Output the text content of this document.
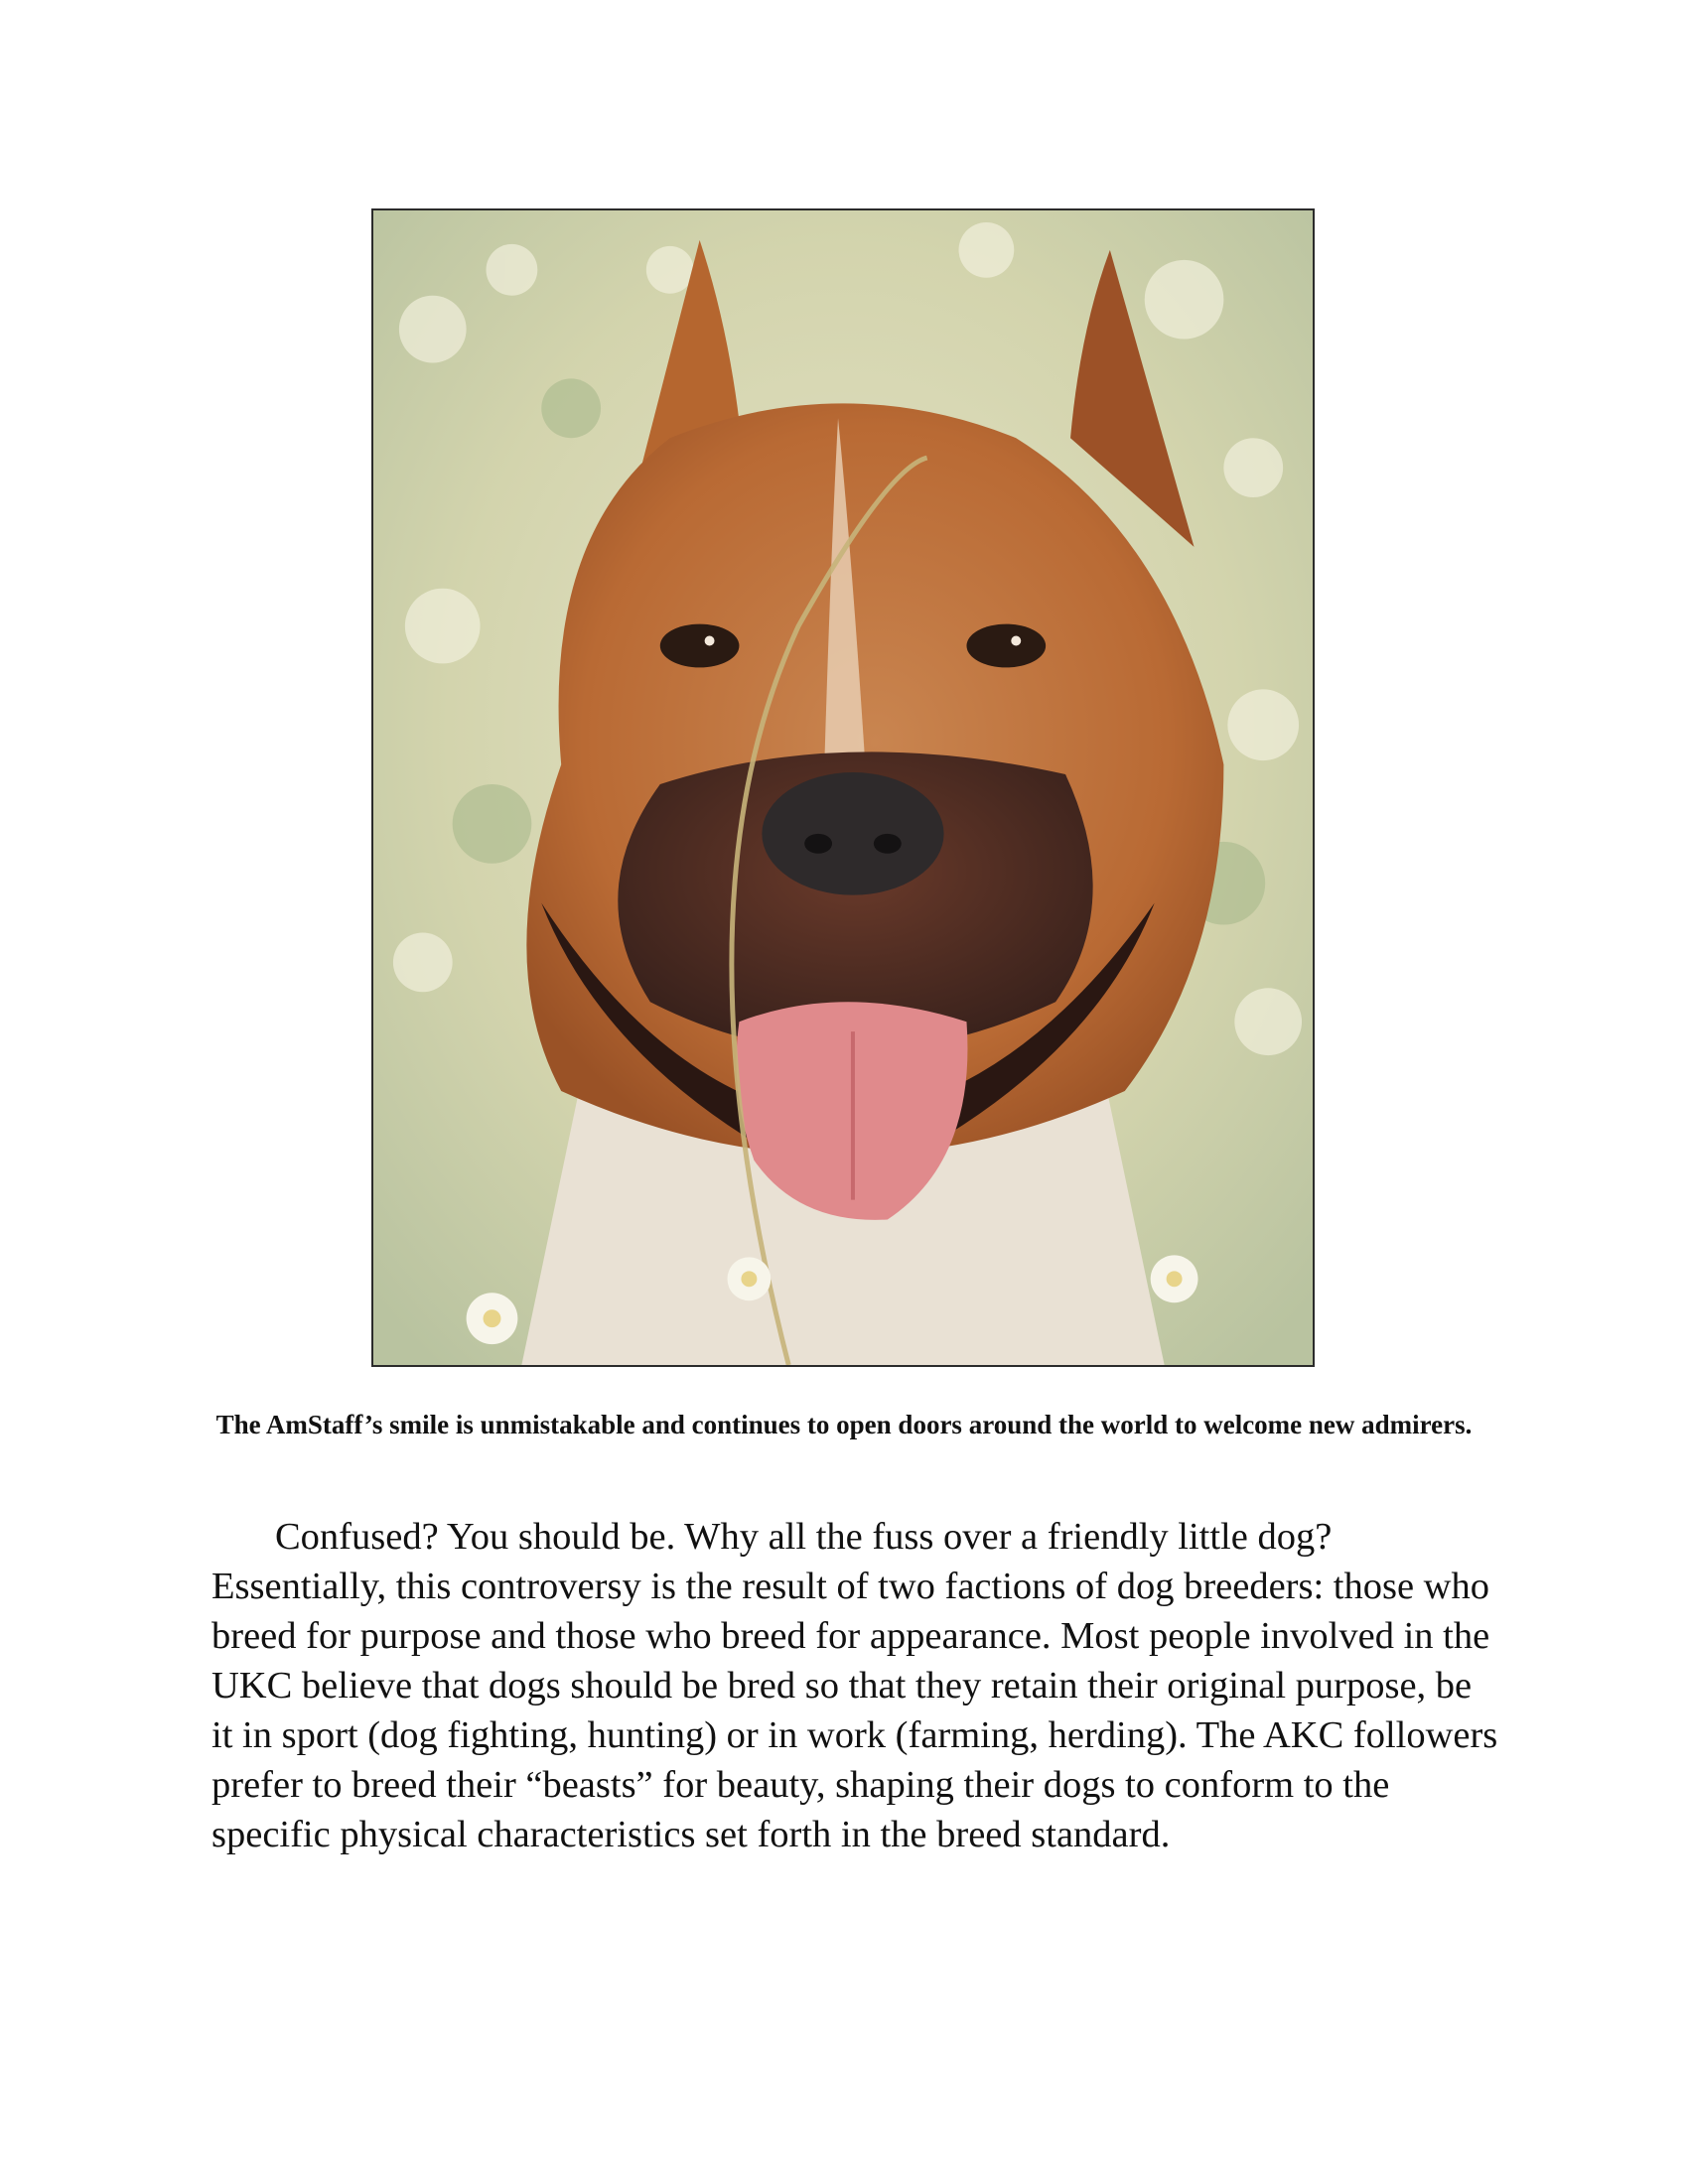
The AmStaff’s smile is unmistakable and continues to open doors around the world to welcome new admirers.

Confused? You should be. Why all the fuss over a friendly little dog? Essentially, this controversy is the result of two factions of dog breeders: those who breed for purpose and those who breed for appearance. Most people involved in the UKC believe that dogs should be bred so that they retain their original purpose, be it in sport (dog fighting, hunting) or in work (farming, herding). The AKC followers prefer to breed their “beasts” for beauty, shaping their dogs to conform to the specific physical characteristics set forth in the breed standard.
